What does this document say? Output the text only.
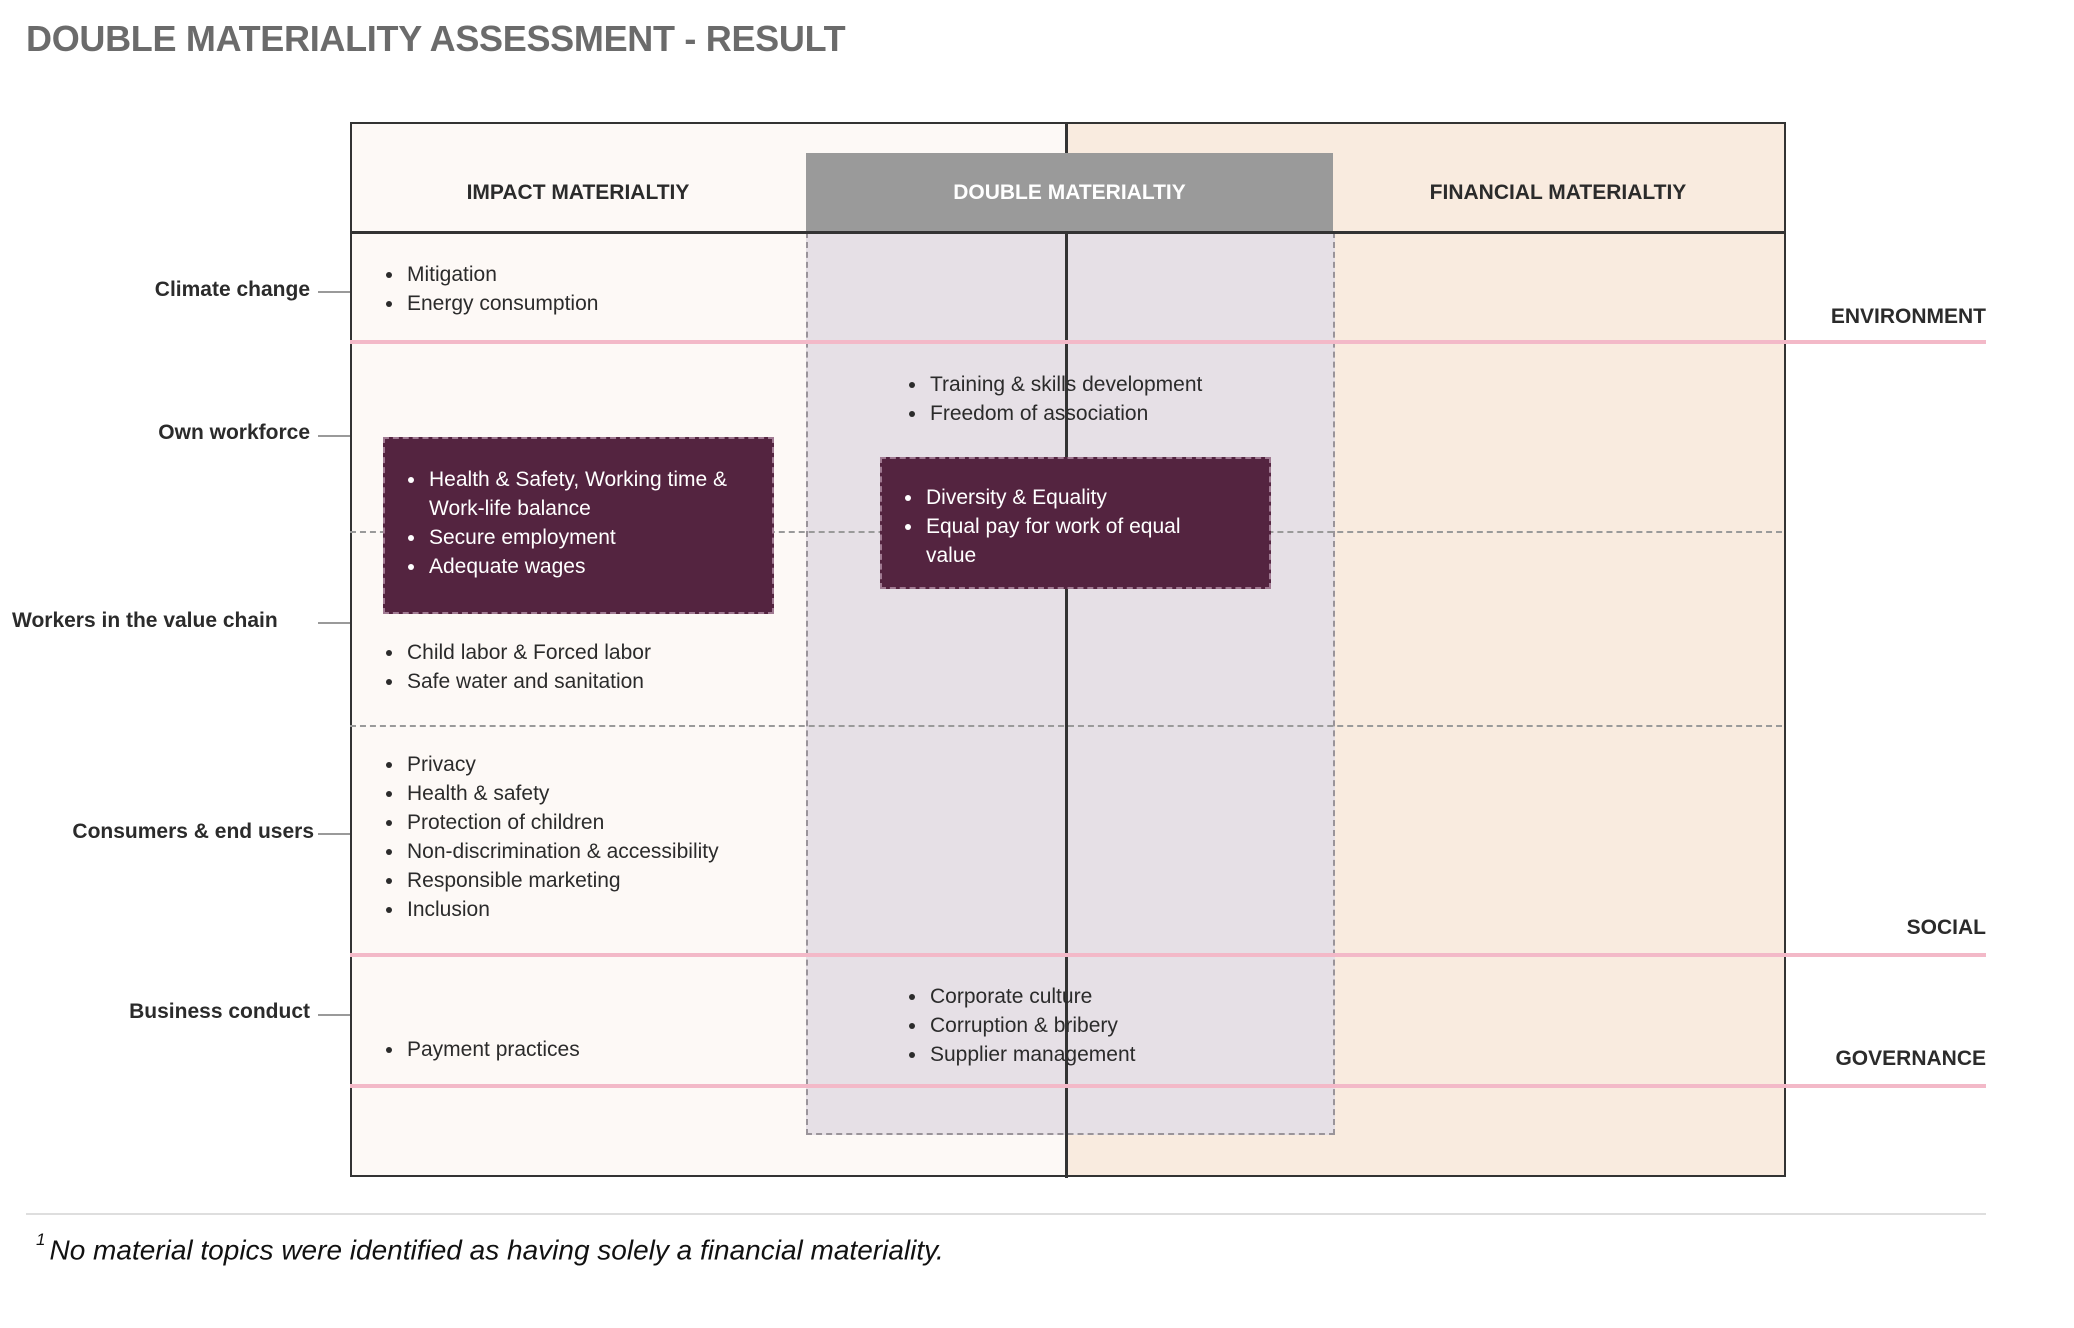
DOUBLE MATERIALITY ASSESSMENT - RESULT
IMPACT MATERIALTIY	DOUBLE MATERIALTIY	FINANCIAL MATERIALTIY
Climate change
Own workforce
Workers in the value chain
Consumers & end users
Business conduct
ENVIRONMENT
SOCIAL
GOVERNANCE
• Mitigation
• Energy consumption
• Training & skills development
• Freedom of association
• Health & Safety, Working time & Work-life balance
• Secure employment
• Adequate wages
• Diversity & Equality
• Equal pay for work of equal value
• Child labor & Forced labor
• Safe water and sanitation
• Privacy
• Health & safety
• Protection of children
• Non-discrimination & accessibility
• Responsible marketing
• Inclusion
• Payment practices
• Corporate culture
• Corruption & bribery
• Supplier management
$^1$ No material topics were identified as having solely a financial materiality.
